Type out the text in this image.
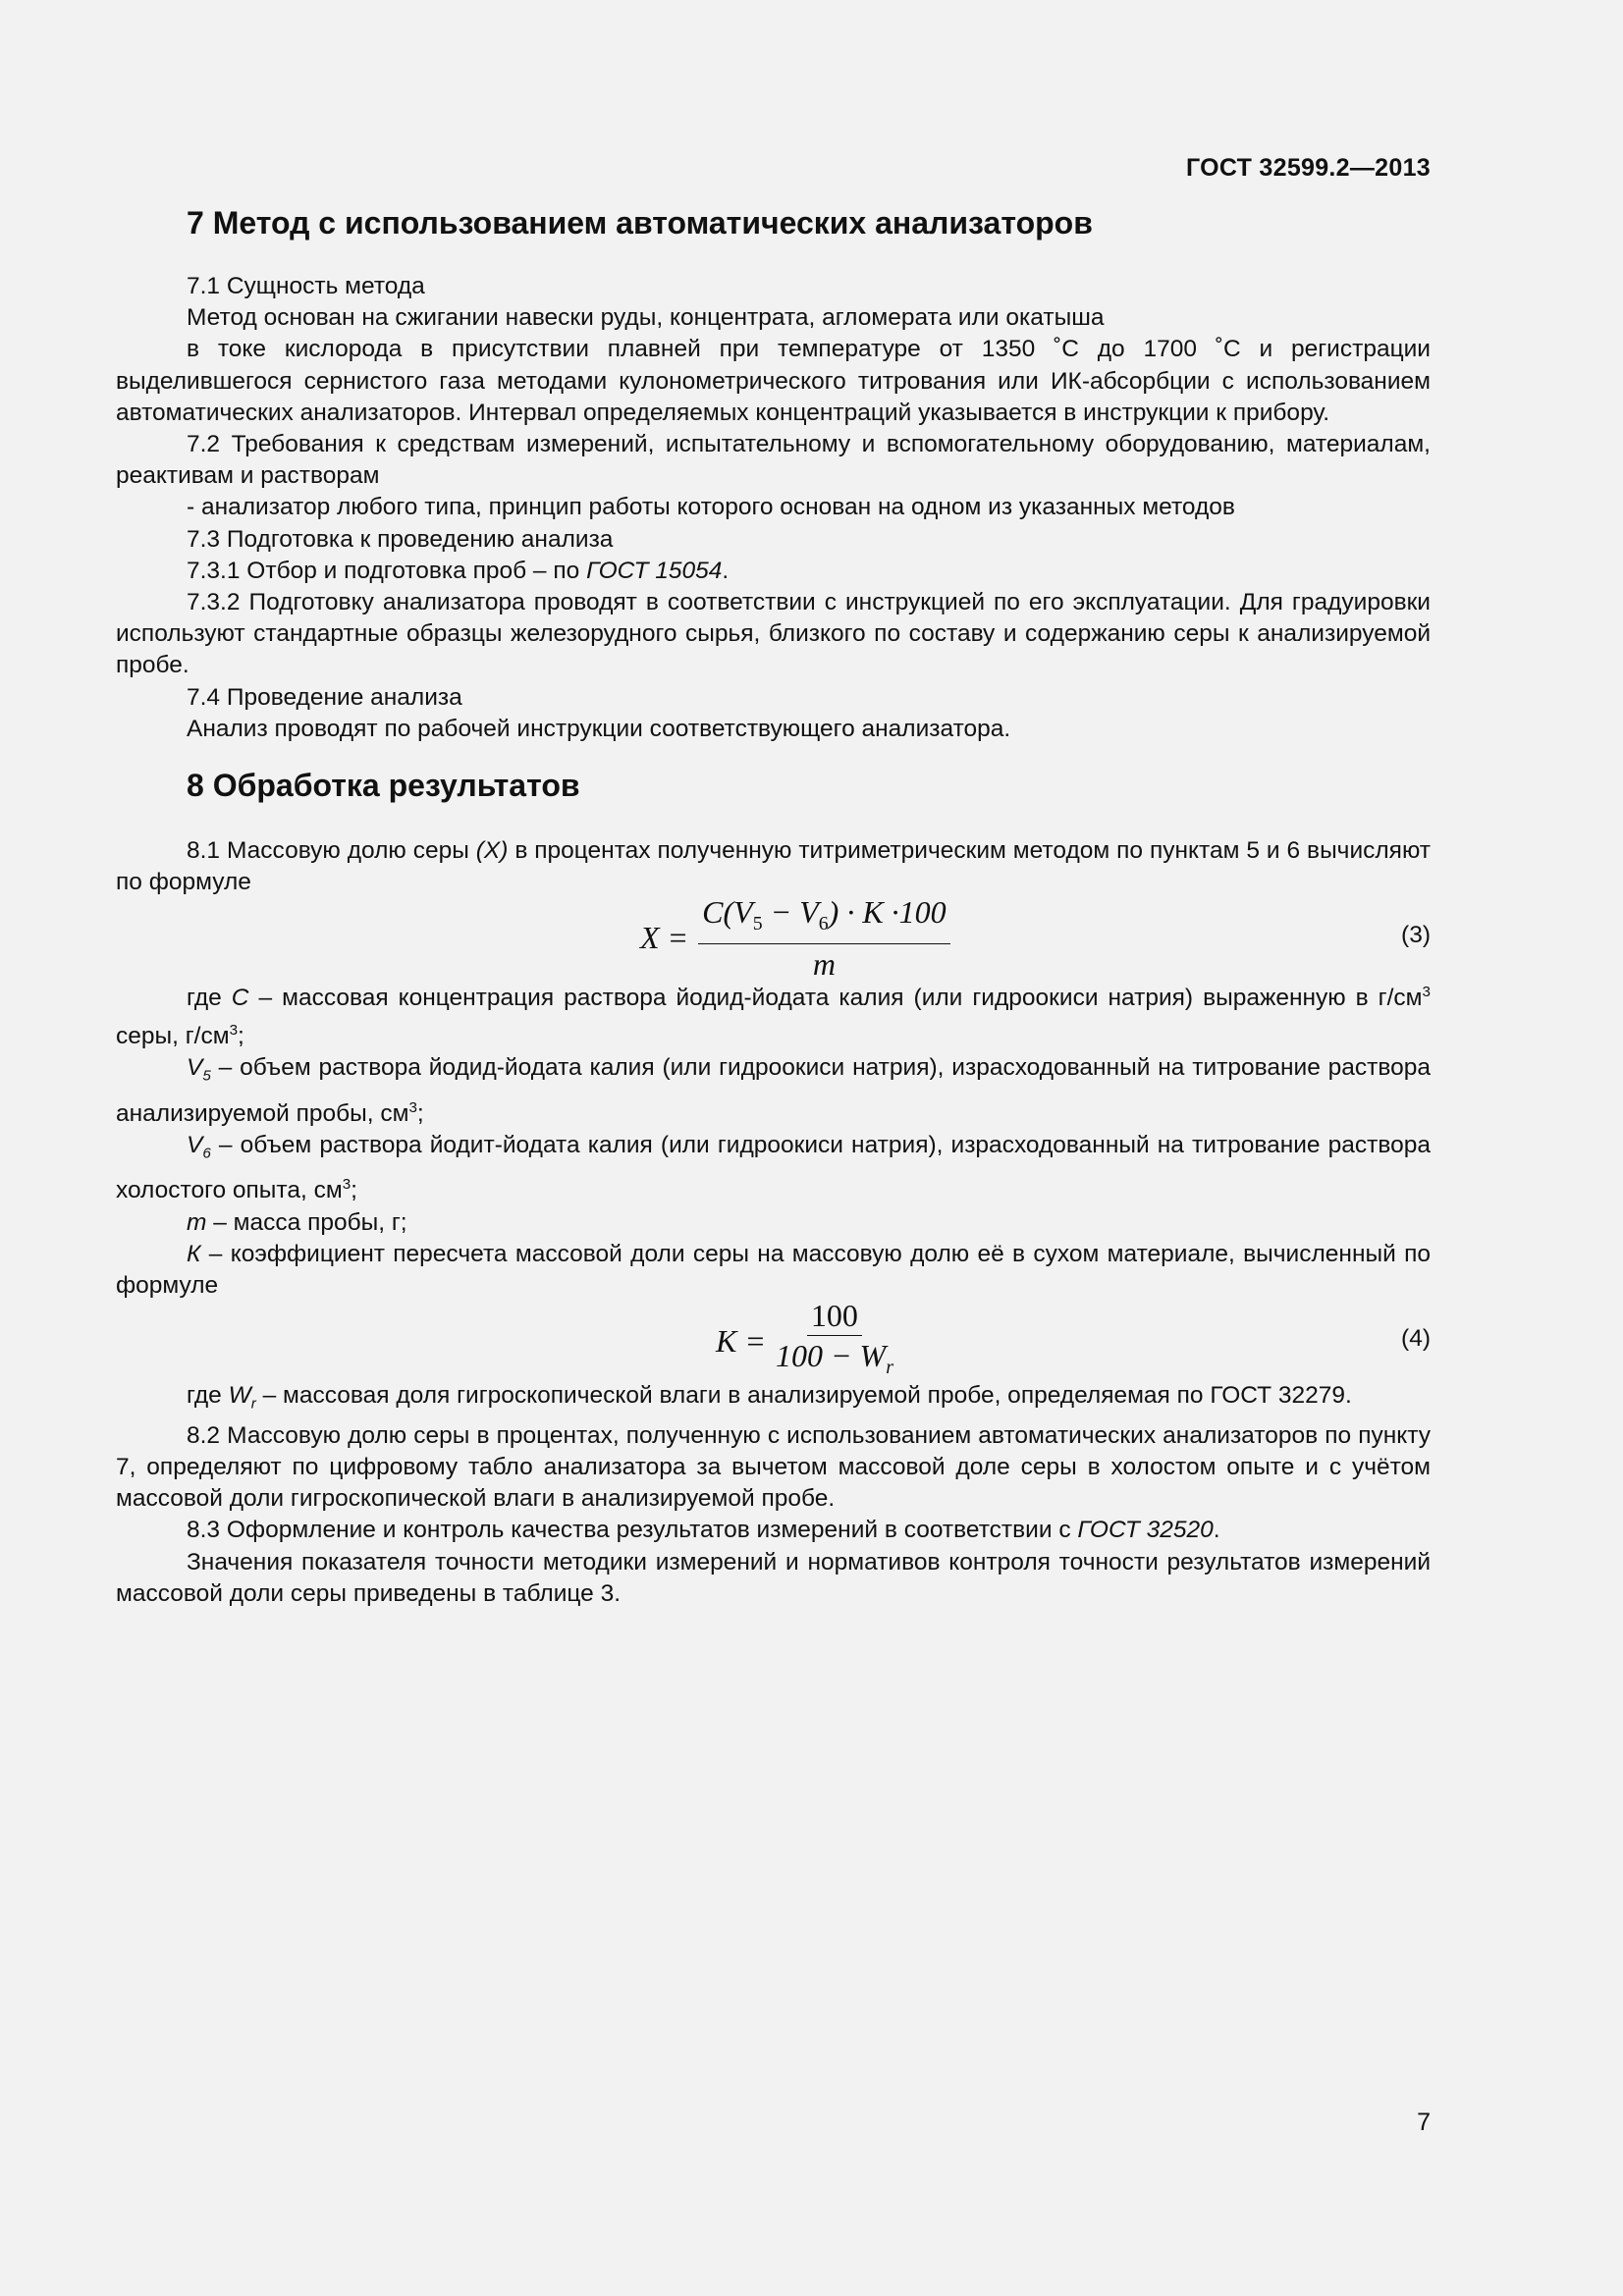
ГОСТ 32599.2—2013
7 Метод с использованием автоматических анализаторов

7.1 Сущность метода

Метод основан на сжигании навески руды, концентрата, агломерата или окатыша

в токе кислорода в присутствии плавней при температуре от 1350 ˚С до 1700 ˚С и регистрации выделившегося сернистого газа методами кулонометрического титрования или ИК-абсорбции с использованием автоматических анализаторов. Интервал определяемых концентраций указывается в инструкции к прибору.

7.2 Требования к средствам измерений, испытательному и вспомогательному оборудованию, материалам, реактивам и растворам

- анализатор любого типа, принцип работы которого основан на одном из указанных методов

7.3 Подготовка к проведению анализа

7.3.1 Отбор и подготовка проб – по ГОСТ 15054.

7.3.2 Подготовку анализатора проводят в соответствии с инструкцией по его эксплуатации. Для градуировки используют стандартные образцы железорудного сырья, близкого по составу и содержанию серы к анализируемой пробе.

7.4 Проведение анализа

Анализ проводят по рабочей инструкции соответствующего анализатора.

8 Обработка результатов

8.1 Массовую долю серы (Х) в процентах полученную титриметрическим методом по пунктам 5 и 6 вычисляют по формуле

$X = \frac{C(V_5 - V_6) \cdot K \cdot 100}{m}$	(3)

где С – массовая концентрация раствора йодид-йодата калия (или гидроокиси натрия) выраженную в $г/см^3$ серы, $г/см^3$;

$V_5$ – объем раствора йодид-йодата калия (или гидроокиси натрия), израсходованный на титрование раствора анализируемой пробы, $см^3$;

$V_6$ – объем раствора йодит-йодата калия (или гидроокиси натрия), израсходованный на титрование раствора холостого опыта, $см^3$;

m – масса пробы, г;

К – коэффициент пересчета массовой доли серы на массовую долю её в сухом материале, вычисленный по формуле

$K = \frac{100}{100 - W_r}$	(4)

где $W_r$ – массовая доля гигроскопической влаги в анализируемой пробе, определяемая по ГОСТ 32279.

8.2 Массовую долю серы в процентах, полученную с использованием автоматических анализаторов по пункту 7, определяют по цифровому табло анализатора за вычетом массовой доле серы в холостом опыте и с учётом массовой доли гигроскопической влаги в анализируемой пробе.

8.3 Оформление и контроль качества результатов измерений в соответствии с ГОСТ 32520.

Значения показателя точности методики измерений и нормативов контроля точности результатов измерений массовой доли серы приведены в таблице 3.

7
